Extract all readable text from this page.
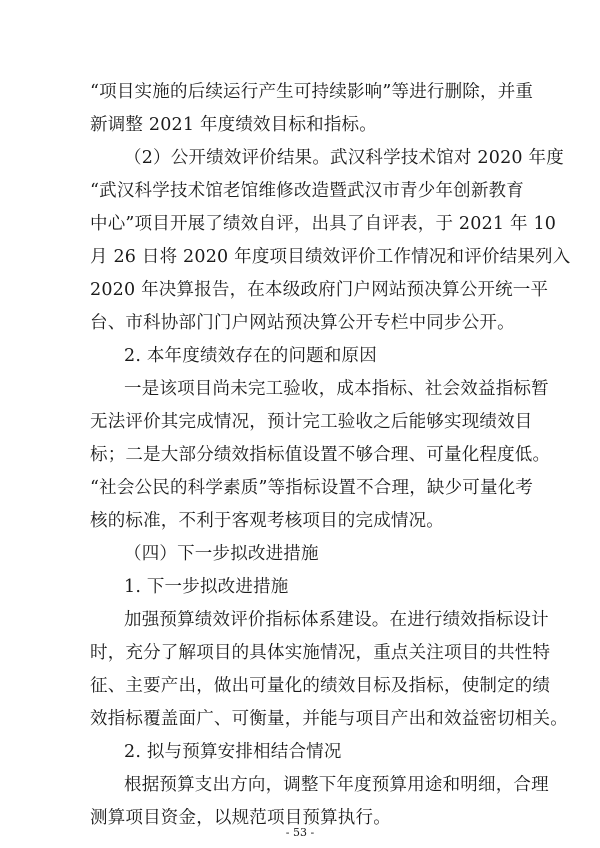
“项目实施的后续运行产生可持续影响”等进行删除，并重
新调整 2021 年度绩效目标和指标。
（2）公开绩效评价结果。武汉科学技术馆对 2020 年度
“武汉科学技术馆老馆维修改造暨武汉市青少年创新教育
中心”项目开展了绩效自评，出具了自评表，于 2021 年 10
月 26 日将 2020 年度项目绩效评价工作情况和评价结果列入
2020 年决算报告，在本级政府门户网站预决算公开统一平
台、市科协部门门户网站预决算公开专栏中同步公开。
2. 本年度绩效存在的问题和原因
一是该项目尚未完工验收，成本指标、社会效益指标暂
无法评价其完成情况，预计完工验收之后能够实现绩效目
标；二是大部分绩效指标值设置不够合理、可量化程度低。
“社会公民的科学素质”等指标设置不合理，缺少可量化考
核的标准，不利于客观考核项目的完成情况。
（四）下一步拟改进措施
1. 下一步拟改进措施
加强预算绩效评价指标体系建设。在进行绩效指标设计
时，充分了解项目的具体实施情况，重点关注项目的共性特
征、主要产出，做出可量化的绩效目标及指标，使制定的绩
效指标覆盖面广、可衡量，并能与项目产出和效益密切相关。
2. 拟与预算安排相结合情况
根据预算支出方向，调整下年度预算用途和明细，合理
测算项目资金，以规范项目预算执行。
- 53 -
